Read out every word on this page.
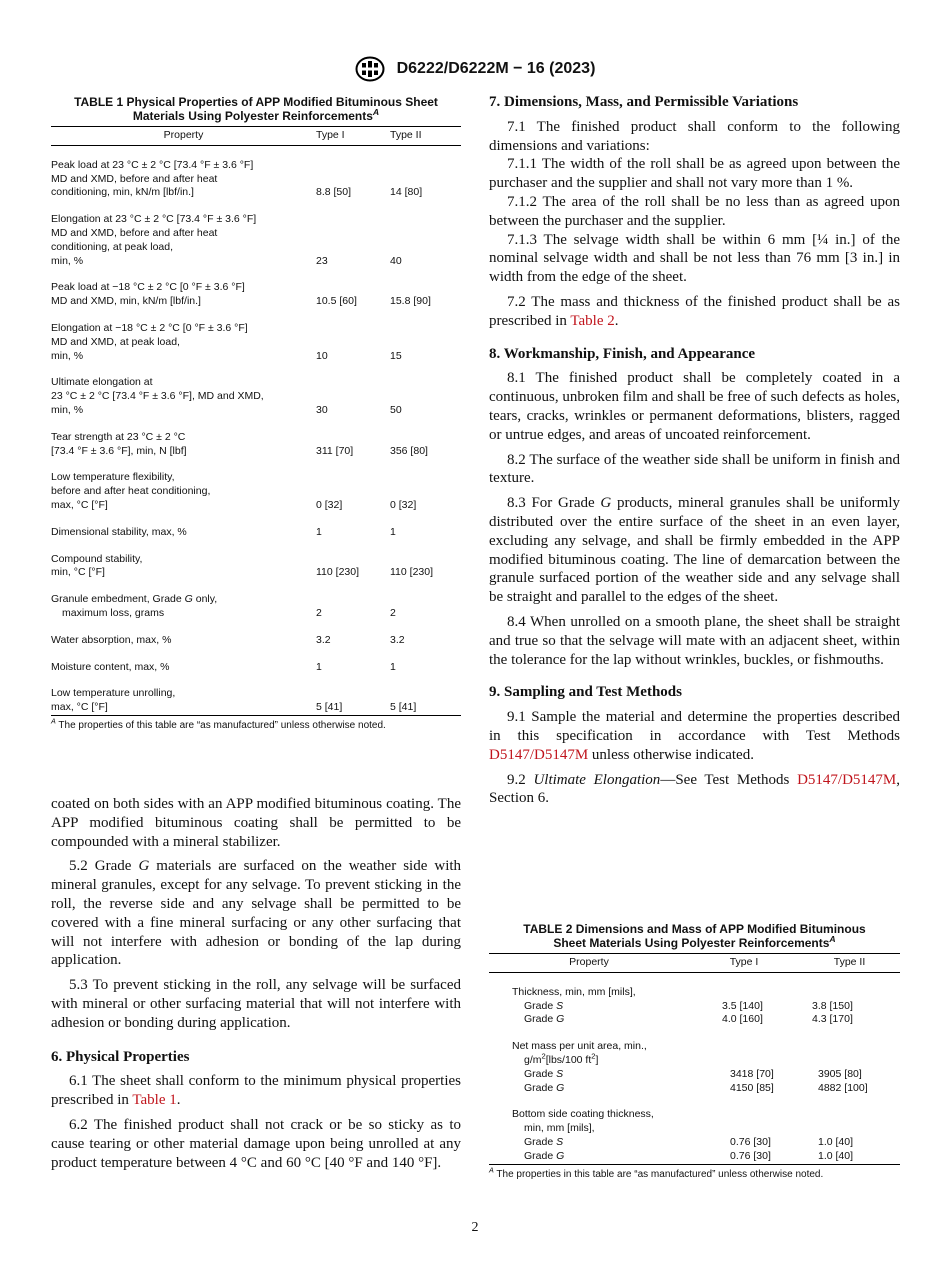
D6222/D6222M − 16 (2023)
TABLE 1 Physical Properties of APP Modified Bituminous Sheet
Materials Using Polyester Reinforcements$^A$
Property	Type I	Type II

Peak load at 23 °C ± 2 °C [73.4 °F ± 3.6 °F]
MD and XMD, before and after heat
conditioning, min, kN/m [lbf/in.]	8.8 [50]	14 [80]

Elongation at 23 °C ± 2 °C [73.4 °F ± 3.6 °F]
MD and XMD, before and after heat
conditioning, at peak load,
min, %	23	40

Peak load at −18 °C ± 2 °C [0 °F ± 3.6 °F]
MD and XMD, min, kN/m [lbf/in.]	10.5 [60]	15.8 [90]

Elongation at −18 °C ± 2 °C [0 °F ± 3.6 °F]
MD and XMD, at peak load,
min, %	10	15

Ultimate elongation at
23 °C ± 2 °C [73.4 °F ± 3.6 °F], MD and XMD,
min, %	30	50

Tear strength at 23 °C ± 2 °C
[73.4 °F ± 3.6 °F], min, N [lbf]	311 [70]	356 [80]

Low temperature flexibility,
before and after heat conditioning,
max, °C [°F]	0 [32]	0 [32]

Dimensional stability, max, %	1	1

Compound stability,
min, °C [°F]	110 [230]	110 [230]

Granule embedment, Grade G only,
maximum loss, grams	2	2

Water absorption, max, %	3.2	3.2

Moisture content, max, %	1	1

Low temperature unrolling,
max, °C [°F]	5 [41]	5 [41]
$^A$ The properties of this table are “as manufactured” unless otherwise noted.

coated on both sides with an APP modified bituminous coating. The APP modified bituminous coating shall be permitted to be compounded with a mineral stabilizer.

5.2 Grade G materials are surfaced on the weather side with mineral granules, except for any selvage. To prevent sticking in the roll, the reverse side and any selvage shall be permitted to be covered with a fine mineral surfacing or any other surfacing that will not interfere with adhesion or bonding of the lap during application.

5.3 To prevent sticking in the roll, any selvage will be surfaced with mineral or other surfacing material that will not interfere with adhesion or bonding during application.

6. Physical Properties

6.1 The sheet shall conform to the minimum physical properties prescribed in Table 1.

6.2 The finished product shall not crack or be so sticky as to cause tearing or other material damage upon being unrolled at any product temperature between 4 °C and 60 °C [40 °F and 140 °F].

7. Dimensions, Mass, and Permissible Variations

7.1 The finished product shall conform to the following dimensions and variations:

7.1.1 The width of the roll shall be as agreed upon between the purchaser and the supplier and shall not vary more than 1 %.

7.1.2 The area of the roll shall be no less than as agreed upon between the purchaser and the supplier.

7.1.3 The selvage width shall be within 6 mm [¼ in.] of the nominal selvage width and shall be not less than 76 mm [3 in.] in width from the edge of the sheet.

7.2 The mass and thickness of the finished product shall be as prescribed in Table 2.

8. Workmanship, Finish, and Appearance

8.1 The finished product shall be completely coated in a continuous, unbroken film and shall be free of such defects as holes, tears, cracks, wrinkles or permanent deformations, blisters, ragged or untrue edges, and areas of uncoated reinforcement.

8.2 The surface of the weather side shall be uniform in finish and texture.

8.3 For Grade G products, mineral granules shall be uniformly distributed over the entire surface of the sheet in an even layer, excluding any selvage, and shall be firmly embedded in the APP modified bituminous coating. The line of demarcation between the granule surfaced portion of the weather side and any selvage shall be straight and parallel to the edges of the sheet.

8.4 When unrolled on a smooth plane, the sheet shall be straight and true so that the selvage will mate with an adjacent sheet, within the tolerance for the lap without wrinkles, buckles, or fishmouths.

9. Sampling and Test Methods

9.1 Sample the material and determine the properties described in this specification in accordance with Test Methods D5147/D5147M unless otherwise indicated.

9.2 Ultimate Elongation—See Test Methods D5147/D5147M, Section 6.

TABLE 2 Dimensions and Mass of APP Modified Bituminous
Sheet Materials Using Polyester Reinforcements$^A$
Property	Type I	Type II

Thickness, min, mm [mils],		
Grade S	3.5 [140]	3.8 [150]
Grade G	4.0 [160]	4.3 [170]

Net mass per unit area, min.,		
$g/m^2[lbs/100$ $ft^2$]		
Grade S	3418 [70]	3905 [80]
Grade G	4150 [85]	4882 [100]

Bottom side coating thickness,		
min, mm [mils],		
Grade S	0.76 [30]	1.0 [40]
Grade G	0.76 [30]	1.0 [40]
$^A$ The properties in this table are “as manufactured” unless otherwise noted.
2
